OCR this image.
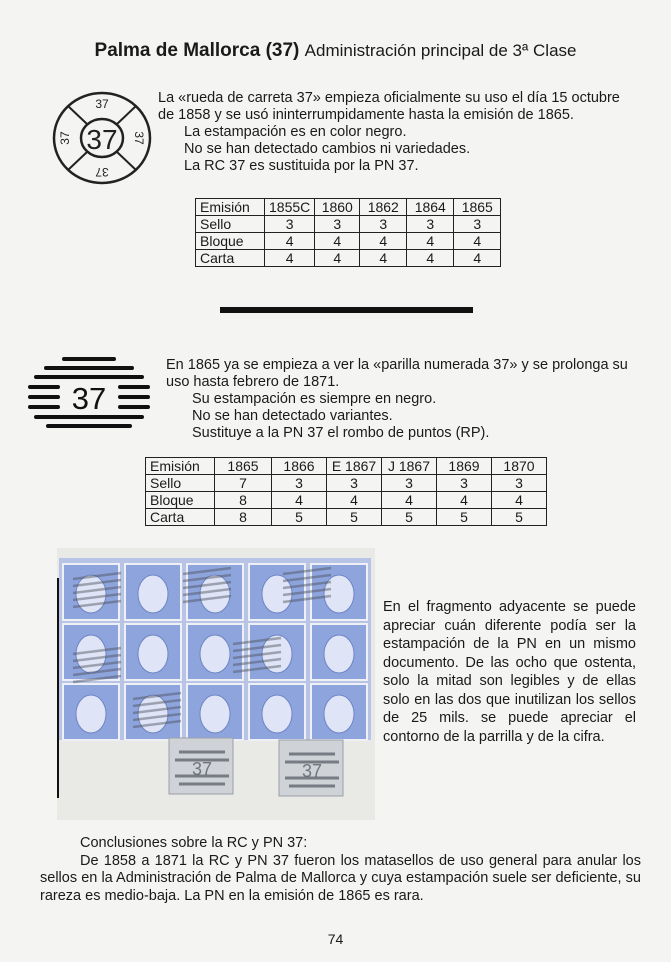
Palma de Mallorca (37) Administración principal de 3ª Clase
37
37
37
37	37

La «rueda de carreta 37» empieza oficialmente su uso el día 15 octubre

de 1858 y se usó ininterrumpidamente hasta la emisión de 1865.

La estampación es en color negro.

No se han detectado cambios ni variedades.

La RC 37 es sustituida por la PN 37.

Emisión	1855C	1860	1862	1864	1865
Sello	3	3	3	3	3
Bloque	4	4	4	4	4
Carta	4	4	4	4	4
37

En 1865 ya se empieza a ver la «parilla numerada 37» y se prolonga su

uso hasta febrero de 1871.

Su estampación es siempre en negro.

No se han detectado variantes.

Sustituye a la PN 37 el rombo de puntos (RP).

Emisión	1865	1866	E 1867	J 1867	1869	1870
Sello	7	3	3	3	3	3
Bloque	8	4	4	4	4	4
Carta	8	5	5	5	5	5
37	37
En el fragmento adyacente se puede apreciar cuán diferente podía ser la estampación de la PN en un mismo documento. De las ocho que ostenta, solo la mitad son legibles y de ellas solo en las dos que inutilizan los sellos de 25 mils. se puede apreciar el contorno de la parrilla y de la cifra.

Conclusiones sobre la RC y PN 37:

De 1858 a 1871 la RC y PN 37 fueron los matasellos de uso general para anular los sellos en la Administración de Palma de Mallorca y cuya estampación suele ser deficiente, su rareza es medio-baja. La PN en la emisión de 1865 es rara.

74
